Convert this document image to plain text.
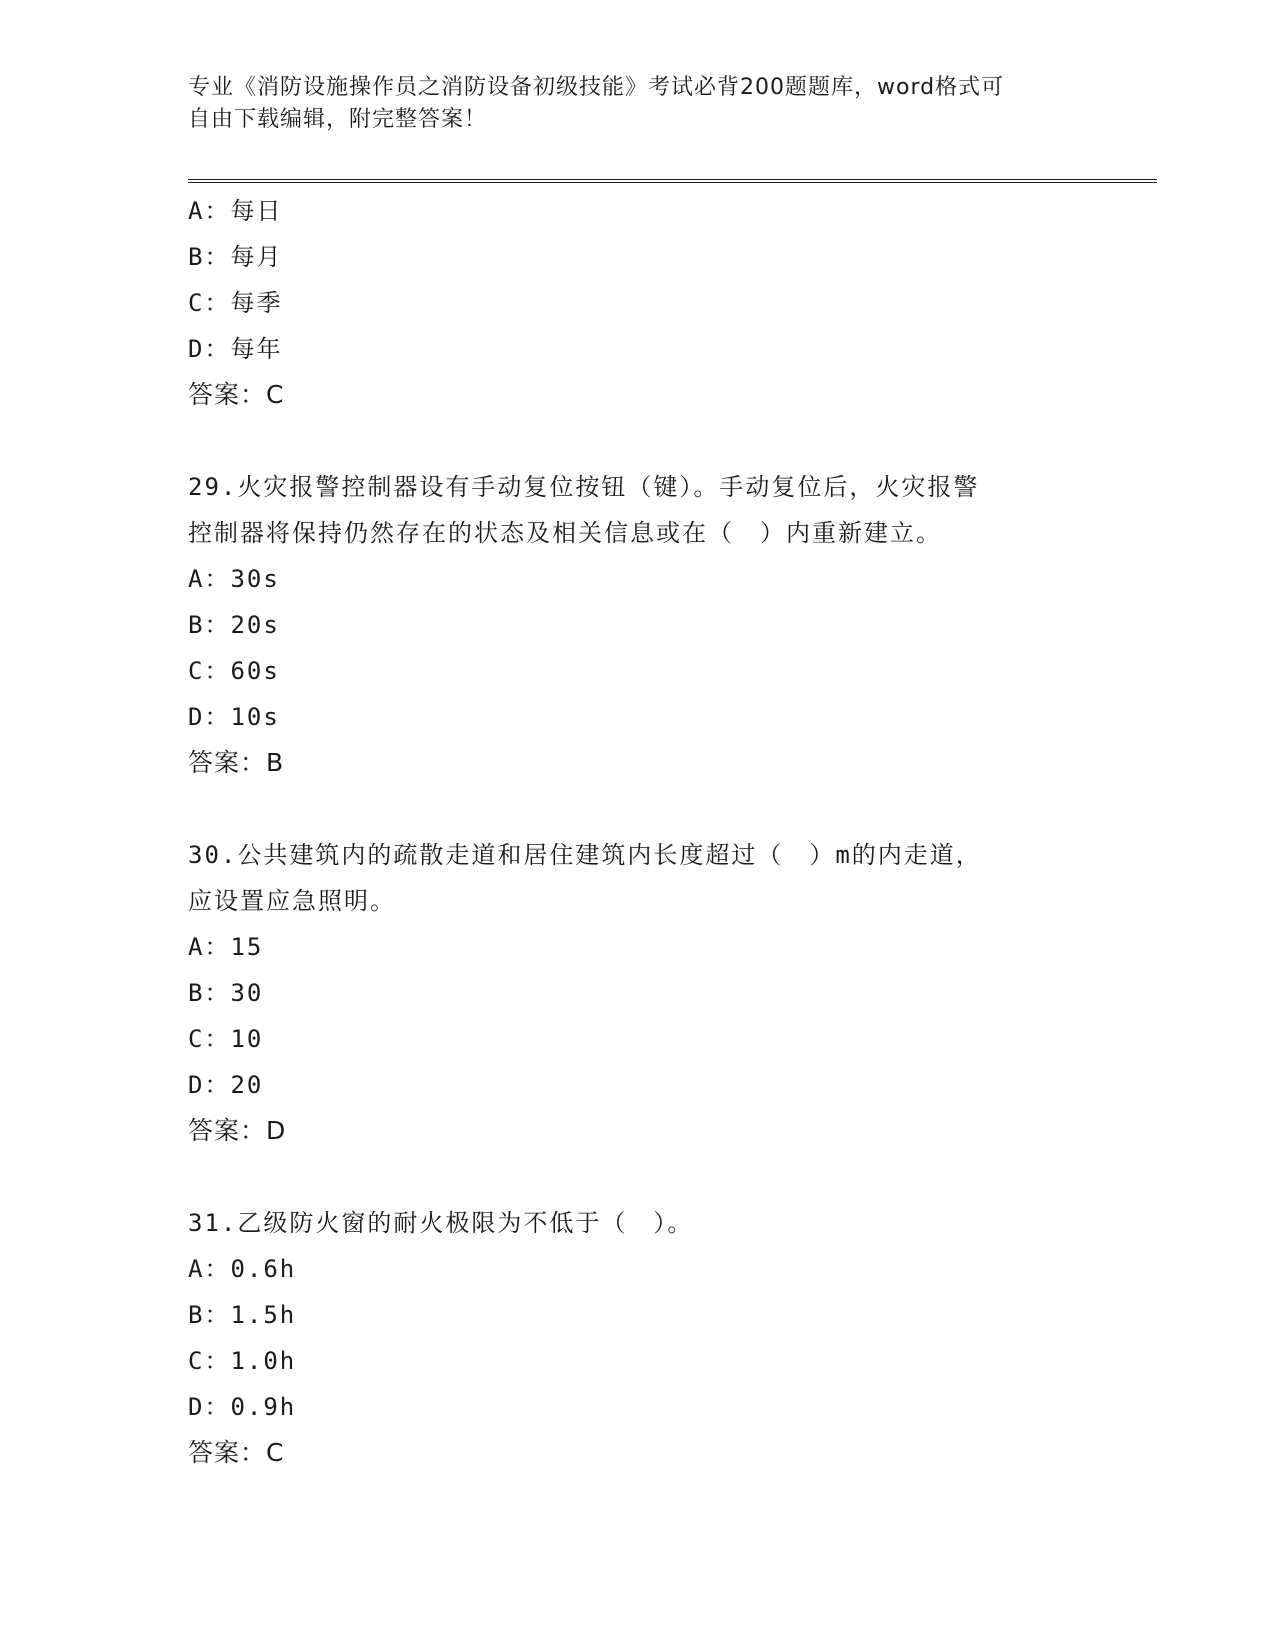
专业《消防设施操作员之消防设备初级技能》考试必背200题题库，word格式可
自由下载编辑，附完整答案！
A：每日
B：每月
C：每季
D：每年
答案：C
29.火灾报警控制器设有手动复位按钮（键）。手动复位后，火灾报警
控制器将保持仍然存在的状态及相关信息或在（　）内重新建立。
A：30s
B：20s
C：60s
D：10s
答案：B
30.公共建筑内的疏散走道和居住建筑内长度超过（　）m的内走道，
应设置应急照明。
A：15
B：30
C：10
D：20
答案：D
31.乙级防火窗的耐火极限为不低于（　）。
A：0.6h
B：1.5h
C：1.0h
D：0.9h
答案：C
